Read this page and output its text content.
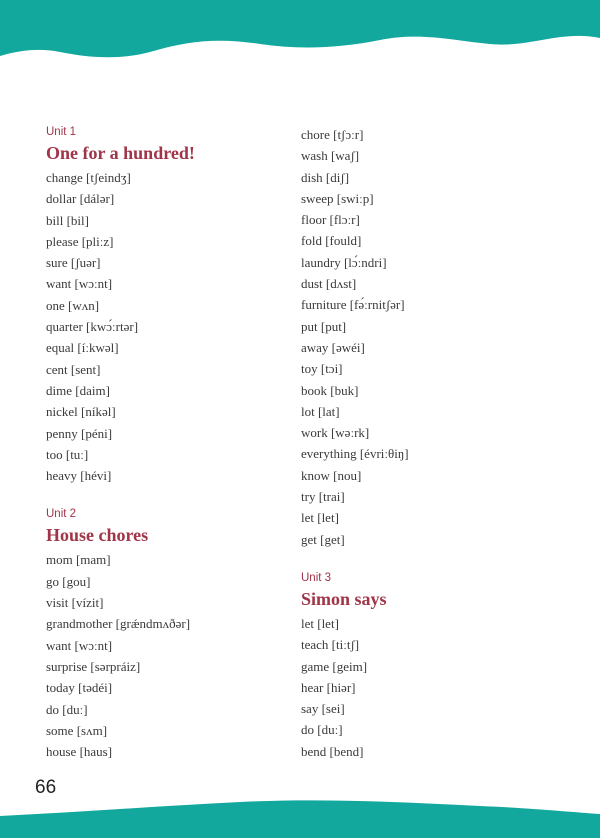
Unit 1
One for a hundred!
change [tʃeindʒ]
dollar [dálər]
bill [bil]
please [pliːz]
sure [ʃuər]
want [wɔːnt]
one [wʌn]
quarter [kwɔ́ːrtər]
equal [íːkwəl]
cent [sent]
dime [daim]
nickel [níkəl]
penny [péni]
too [tuː]
heavy [hévi]
Unit 2
House chores
mom [mam]
go [gou]
visit [vízit]
grandmother [grǽndmʌðər]
want [wɔːnt]
surprise [sərpráiz]
today [tədéi]
do [duː]
some [sʌm]
house [haus]
chore [tʃɔːr]
wash [waʃ]
dish [diʃ]
sweep [swiːp]
floor [flɔːr]
fold [fould]
laundry [lɔ́ːndri]
dust [dʌst]
furniture [fə́ːrnitʃər]
put [put]
away [əwéi]
toy [tɔi]
book [buk]
lot [lat]
work [wəːrk]
everything [évriːθiŋ]
know [nou]
try [trai]
let [let]
get [get]
Unit 3
Simon says
let [let]
teach [tiːtʃ]
game [geim]
hear [hiər]
say [sei]
do [duː]
bend [bend]
66
